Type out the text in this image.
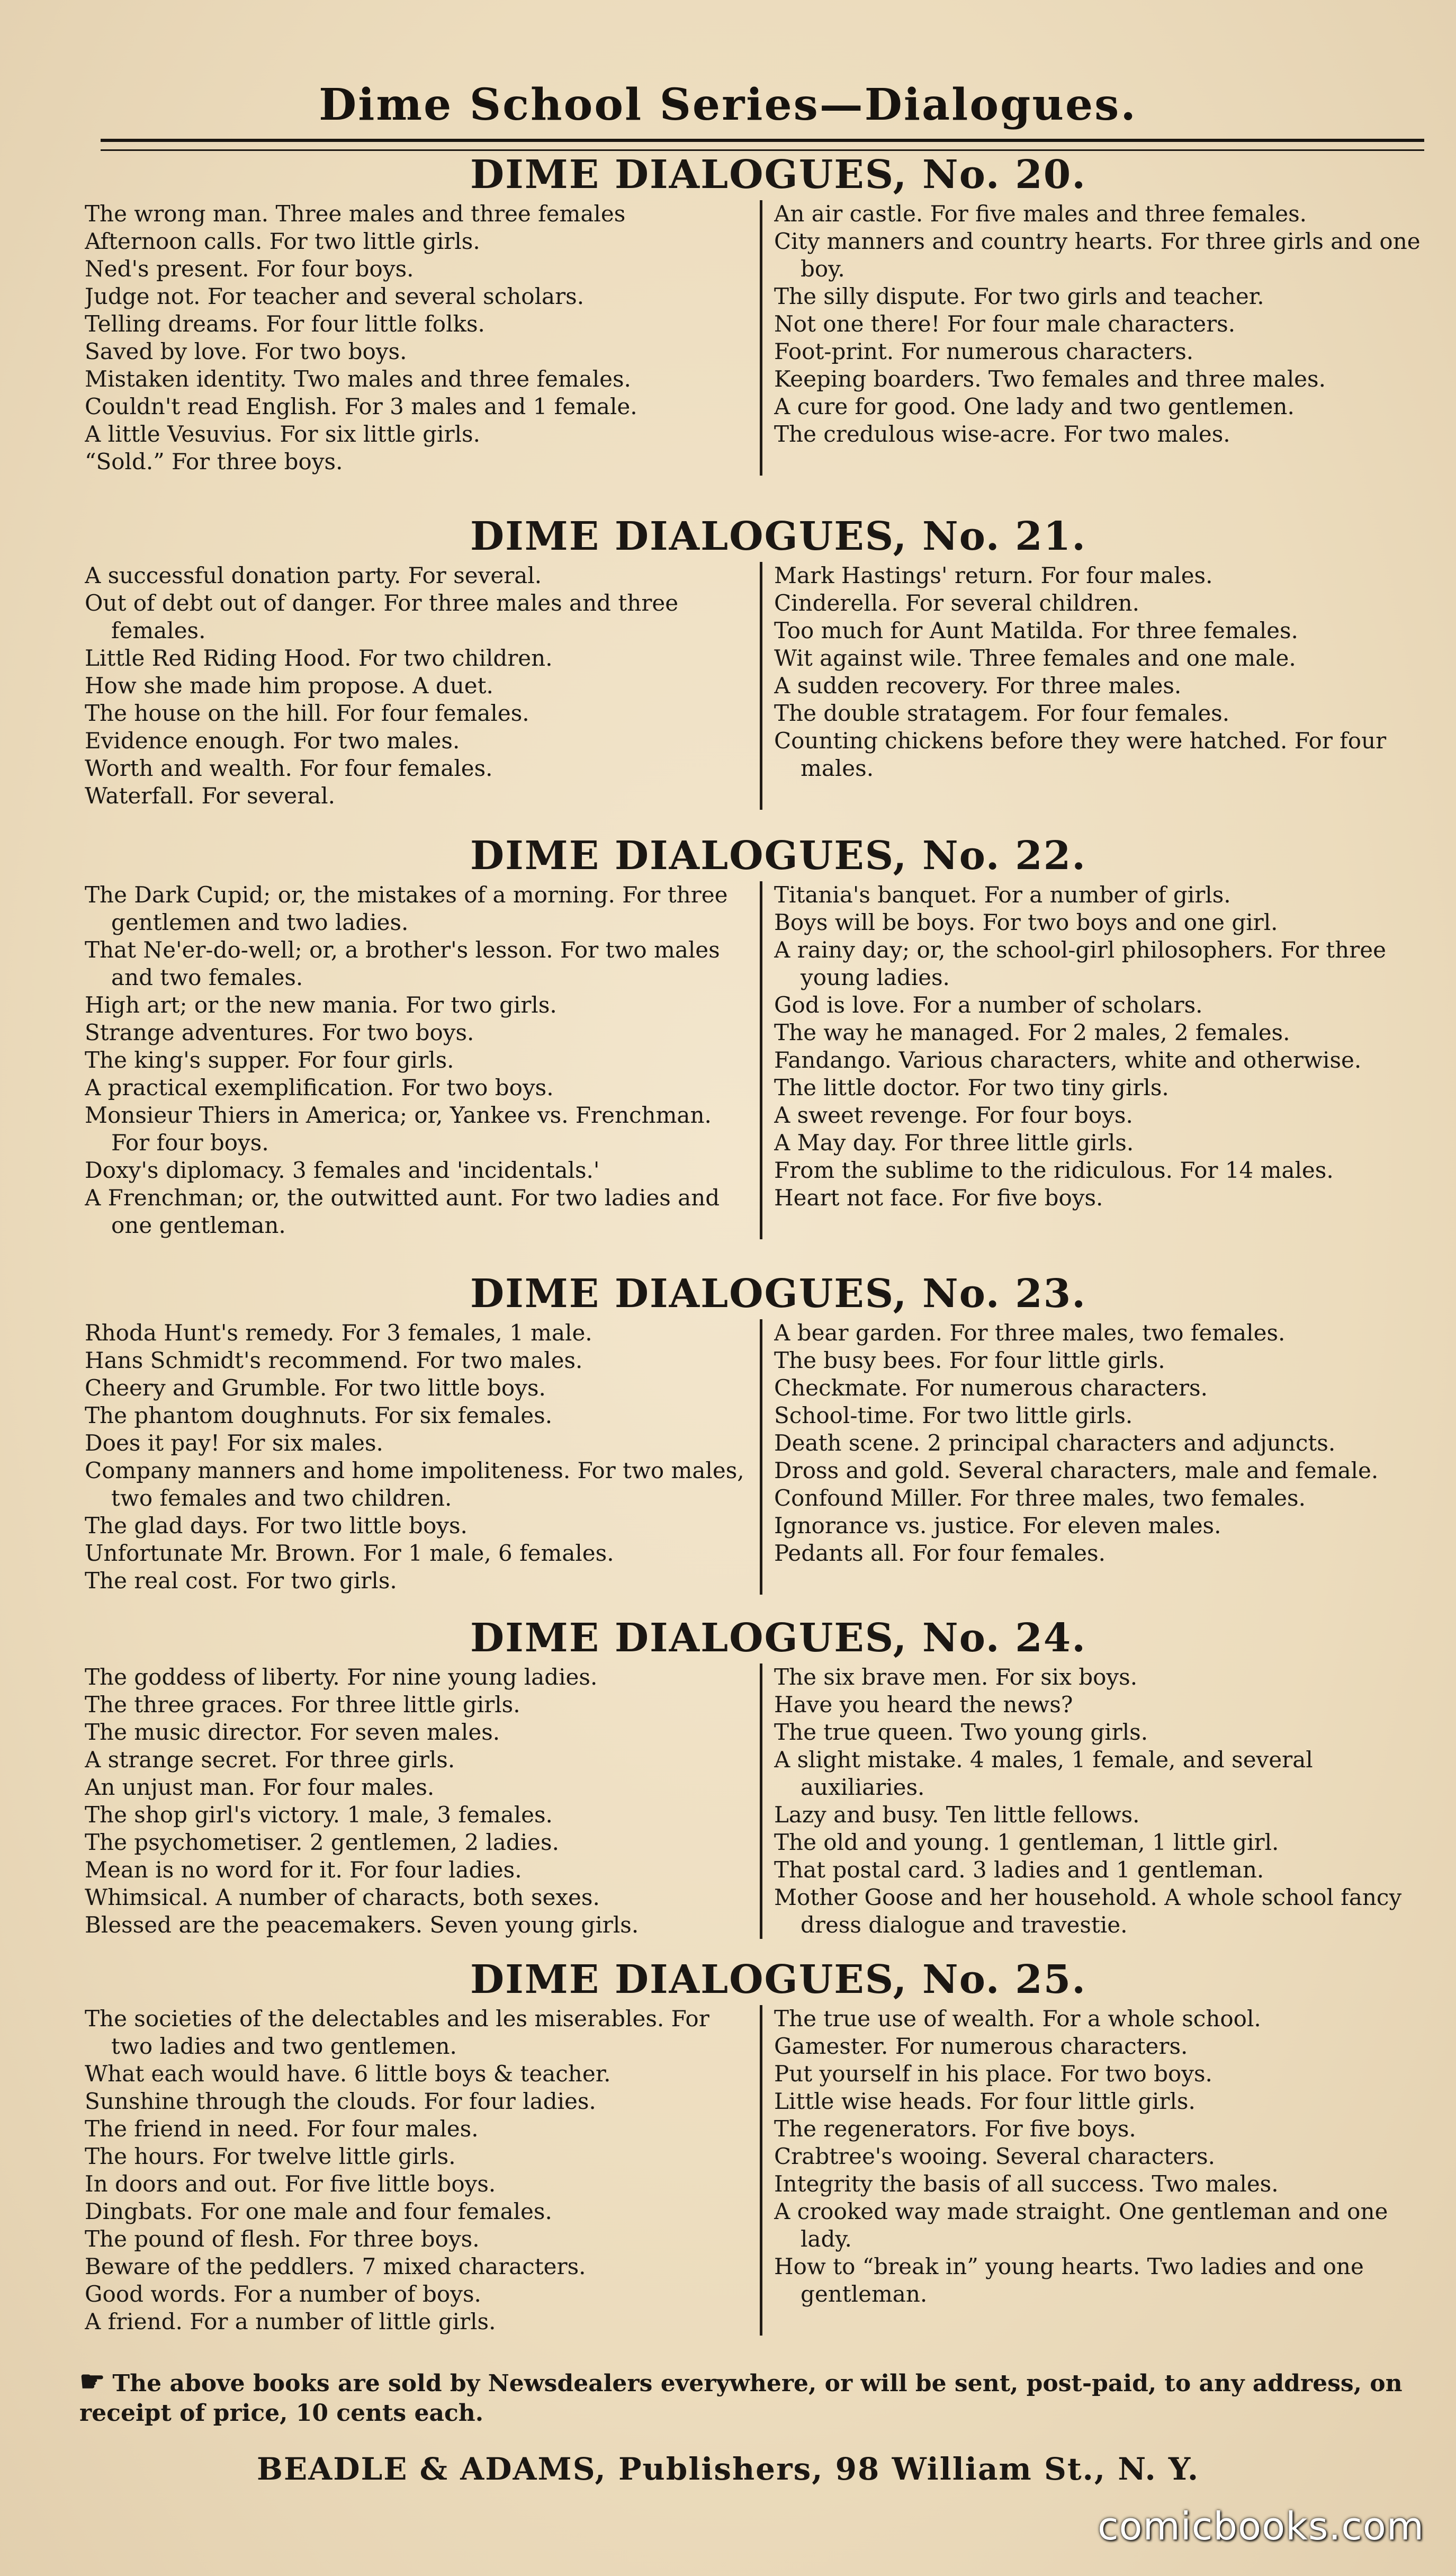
Dime School Series—Dialogues.
DIME DIALOGUES, No. 20.

The wrong man. Three males and three females

Afternoon calls. For two little girls.

Ned's present. For four boys.

Judge not. For teacher and several scholars.

Telling dreams. For four little folks.

Saved by love. For two boys.

Mistaken identity. Two males and three females.

Couldn't read English. For 3 males and 1 female.

A little Vesuvius. For six little girls.

“Sold.” For three boys.

An air castle. For five males and three females.

City manners and country hearts. For three girls and one boy.

The silly dispute. For two girls and teacher.

Not one there! For four male characters.

Foot-print. For numerous characters.

Keeping boarders. Two females and three males.

A cure for good. One lady and two gentlemen.

The credulous wise-acre. For two males.

DIME DIALOGUES, No. 21.

A successful donation party. For several.

Out of debt out of danger. For three males and three females.

Little Red Riding Hood. For two children.

How she made him propose. A duet.

The house on the hill. For four females.

Evidence enough. For two males.

Worth and wealth. For four females.

Waterfall. For several.

Mark Hastings' return. For four males.

Cinderella. For several children.

Too much for Aunt Matilda. For three females.

Wit against wile. Three females and one male.

A sudden recovery. For three males.

The double stratagem. For four females.

Counting chickens before they were hatched. For four males.

DIME DIALOGUES, No. 22.

The Dark Cupid; or, the mistakes of a morning. For three gentlemen and two ladies.

That Ne'er-do-well; or, a brother's lesson. For two males and two females.

High art; or the new mania. For two girls.

Strange adventures. For two boys.

The king's supper. For four girls.

A practical exemplification. For two boys.

Monsieur Thiers in America; or, Yankee vs. Frenchman. For four boys.

Doxy's diplomacy. 3 females and 'incidentals.'

A Frenchman; or, the outwitted aunt. For two ladies and one gentleman.

Titania's banquet. For a number of girls.

Boys will be boys. For two boys and one girl.

A rainy day; or, the school-girl philosophers. For three young ladies.

God is love. For a number of scholars.

The way he managed. For 2 males, 2 females.

Fandango. Various characters, white and otherwise.

The little doctor. For two tiny girls.

A sweet revenge. For four boys.

A May day. For three little girls.

From the sublime to the ridiculous. For 14 males.

Heart not face. For five boys.

DIME DIALOGUES, No. 23.

Rhoda Hunt's remedy. For 3 females, 1 male.

Hans Schmidt's recommend. For two males.

Cheery and Grumble. For two little boys.

The phantom doughnuts. For six females.

Does it pay! For six males.

Company manners and home impoliteness. For two males, two females and two children.

The glad days. For two little boys.

Unfortunate Mr. Brown. For 1 male, 6 females.

The real cost. For two girls.

A bear garden. For three males, two females.

The busy bees. For four little girls.

Checkmate. For numerous characters.

School-time. For two little girls.

Death scene. 2 principal characters and adjuncts.

Dross and gold. Several characters, male and female.

Confound Miller. For three males, two females.

Ignorance vs. justice. For eleven males.

Pedants all. For four females.

DIME DIALOGUES, No. 24.

The goddess of liberty. For nine young ladies.

The three graces. For three little girls.

The music director. For seven males.

A strange secret. For three girls.

An unjust man. For four males.

The shop girl's victory. 1 male, 3 females.

The psychometiser. 2 gentlemen, 2 ladies.

Mean is no word for it. For four ladies.

Whimsical. A number of characts, both sexes.

Blessed are the peacemakers. Seven young girls.

The six brave men. For six boys.

Have you heard the news?

The true queen. Two young girls.

A slight mistake. 4 males, 1 female, and several auxiliaries.

Lazy and busy. Ten little fellows.

The old and young. 1 gentleman, 1 little girl.

That postal card. 3 ladies and 1 gentleman.

Mother Goose and her household. A whole school fancy dress dialogue and travestie.

DIME DIALOGUES, No. 25.

The societies of the delectables and les miserables. For two ladies and two gentlemen.

What each would have. 6 little boys & teacher.

Sunshine through the clouds. For four ladies.

The friend in need. For four males.

The hours. For twelve little girls.

In doors and out. For five little boys.

Dingbats. For one male and four females.

The pound of flesh. For three boys.

Beware of the peddlers. 7 mixed characters.

Good words. For a number of boys.

A friend. For a number of little girls.

The true use of wealth. For a whole school.

Gamester. For numerous characters.

Put yourself in his place. For two boys.

Little wise heads. For four little girls.

The regenerators. For five boys.

Crabtree's wooing. Several characters.

Integrity the basis of all success. Two males.

A crooked way made straight. One gentleman and one lady.

How to “break in” young hearts. Two ladies and one gentleman.

☛ The above books are sold by Newsdealers everywhere, or will be sent, post-paid, to any address, on receipt of price, 10 cents each.
BEADLE & ADAMS, Publishers, 98 William St., N. Y.
comicbooks.com
